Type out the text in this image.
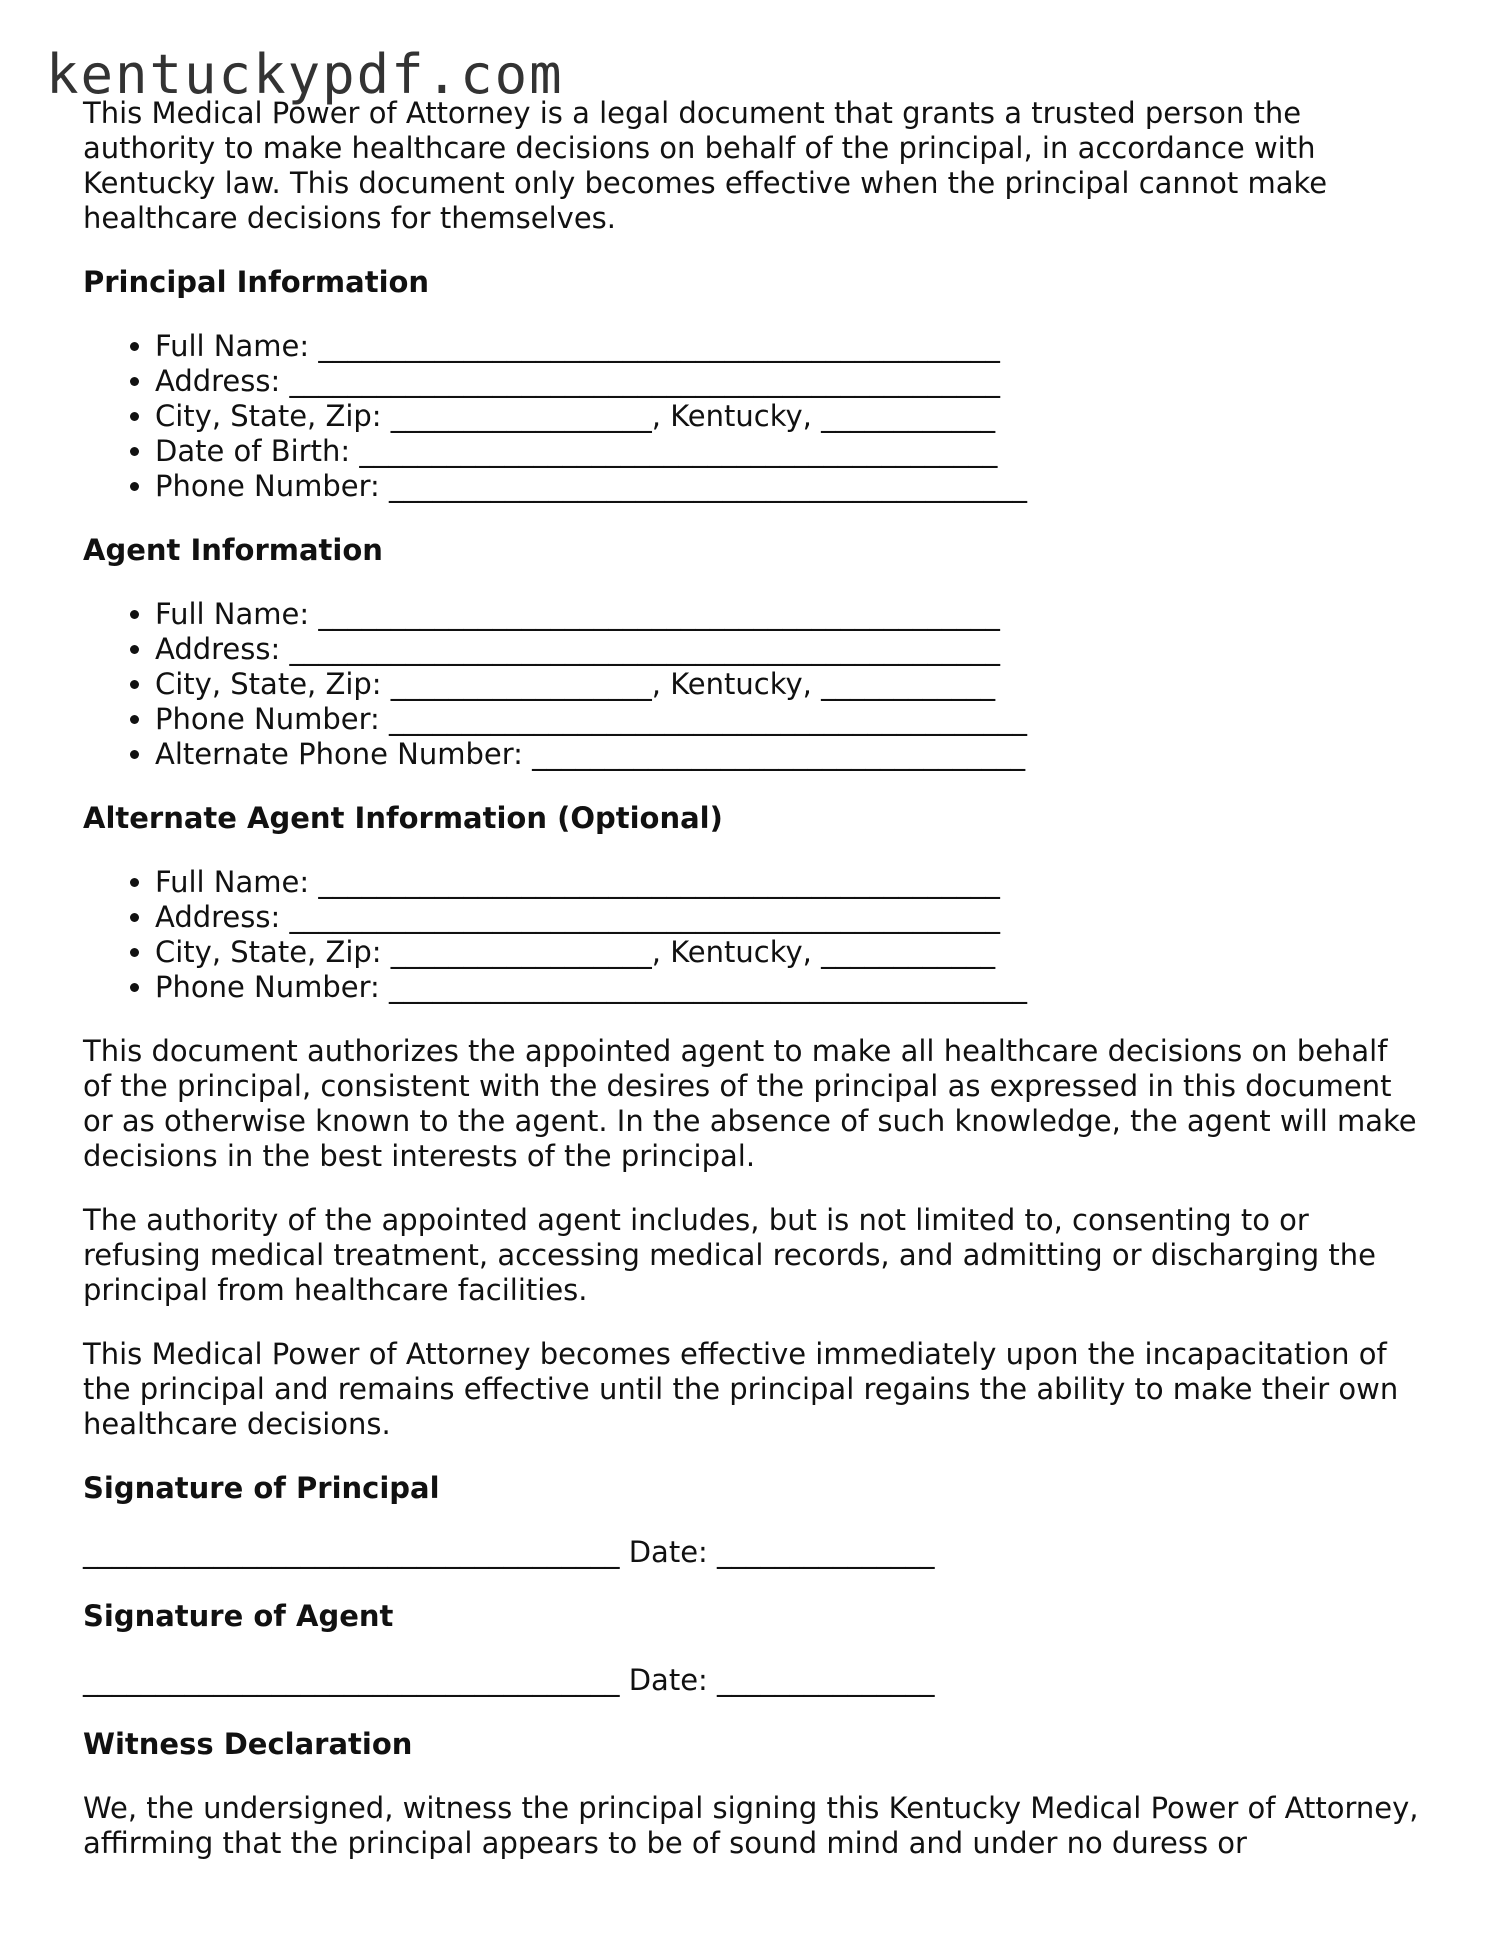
kentuckypdf.com

This Medical Power of Attorney is a legal document that grants a trusted person the authority to make healthcare decisions on behalf of the principal, in accordance with Kentucky law. This document only becomes effective when the principal cannot make healthcare decisions for themselves.

Principal Information
• Full Name: _______________________________________________
• Address: _________________________________________________
• City, State, Zip: __________________, Kentucky, ____________
• Date of Birth: ____________________________________________
• Phone Number: ____________________________________________
Agent Information
• Full Name: _______________________________________________
• Address: _________________________________________________
• City, State, Zip: __________________, Kentucky, ____________
• Phone Number: ____________________________________________
• Alternate Phone Number: __________________________________
Alternate Agent Information (Optional)
• Full Name: _______________________________________________
• Address: _________________________________________________
• City, State, Zip: __________________, Kentucky, ____________
• Phone Number: ____________________________________________

This document authorizes the appointed agent to make all healthcare decisions on behalf of the principal, consistent with the desires of the principal as expressed in this document or as otherwise known to the agent. In the absence of such knowledge, the agent will make decisions in the best interests of the principal.

The authority of the appointed agent includes, but is not limited to, consenting to or refusing medical treatment, accessing medical records, and admitting or discharging the principal from healthcare facilities.

This Medical Power of Attorney becomes effective immediately upon the incapacitation of the principal and remains effective until the principal regains the ability to make their own healthcare decisions.

Signature of Principal
_____________________________________ Date: _______________
Signature of Agent
_____________________________________ Date: _______________
Witness Declaration

We, the undersigned, witness the principal signing this Kentucky Medical Power of Attorney, affirming that the principal appears to be of sound mind and under no duress or
